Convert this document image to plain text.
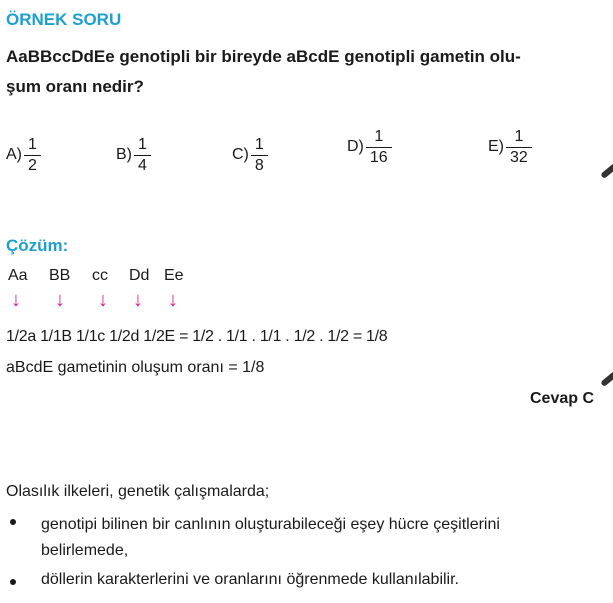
ÖRNEK SORU
AaBBccDdEe genotipli bir bireyde aBcdE genotipli gametin olu-
şum oranı nedir?
$A) \frac{1}{2}$	$B) \frac{1}{4}$	$C) \frac{1}{8}$	$D) \frac{1}{16}$	$E) \frac{1}{32}$
Çözüm:
Aa BB cc Dd Ee
↓ ↓ ↓ ↓ ↓
1/2a 1/1B 1/1c 1/2d 1/2E = 1/2 . 1/1 . 1/1 . 1/2 . 1/2 = 1/8
aBcdE gametinin oluşum oranı = 1/8
Cevap C
Olasılık ilkeleri, genetik çalışmalarda;
genotipi bilinen bir canlının oluşturabileceği eşey hücre çeşitlerini
belirlemede,
döllerin karakterlerini ve oranlarını öğrenmede kullanılabilir.
